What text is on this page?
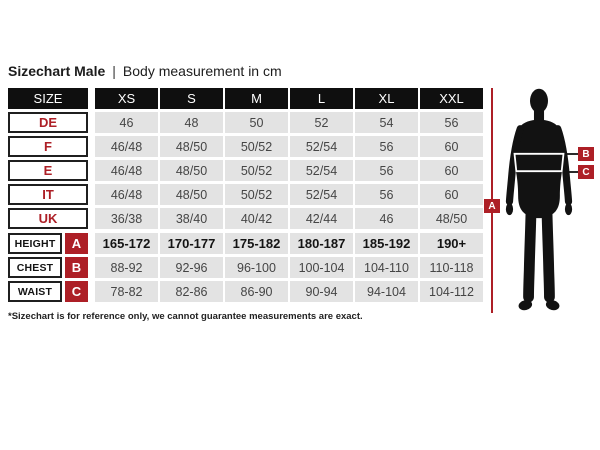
Sizechart Male | Body measurement in cm
SIZE	XS	S	M	L	XL	XXL
DE	46	48	50	52	54	56
F	46/48	48/50	50/52	52/54	56	60
E	46/48	48/50	50/52	52/54	56	60
IT	46/48	48/50	50/52	52/54	56	60
UK	36/38	38/40	40/42	42/44	46	48/50
HEIGHT	A	165-172	170-177	175-182	180-187	185-192	190+
CHEST	B	88-92	92-96	96-100	100-104	104-110	110-118
WAIST	C	78-82	82-86	86-90	90-94	94-104	104-112
*Sizechart is for reference only, we cannot guarantee measurements are exact.
A
B
C
